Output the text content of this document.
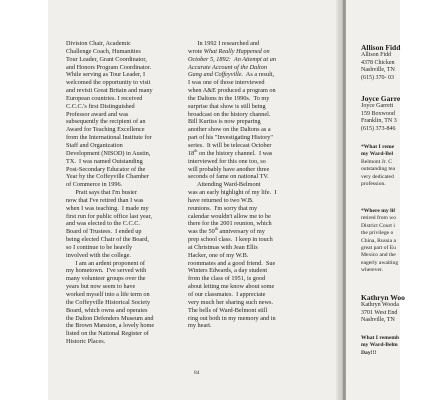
Division Chair, Academic

Challenge Coach, Humanities

Tour Leader, Grant Coordinator,

and Honors Program Coordinator.

While serving as Tour Leader, I

welcomed the opportunity to visit

and revisit Great Britain and many

European countries. I received

C.C.C.'s first Distinguished

Professor award and was

subsequently the recipient of an

Award for Teaching Excellence

from the International Institute for

Staff and Organization

Development (NISOD) in Austin,

TX.  I was named Outstanding

Post-Secondary Educator of the

Year by the Coffeyville Chamber

of Commerce in 1996.

Pratt says that I'm busier

now that I've retired than I was

when I was teaching.  I made my

first run for public office last year,

and was elected to the C.C.C.

Board of Trustees.  I ended up

being elected Chair of the Board,

so I continue to be heavily

involved with the college.

I am an ardent proponent of

my hometown.  I've served with

many volunteer groups over the

years but now seem to have

worked myself into a life term on

the Coffeyville Historical Society

Board, which owns and operates

the Dalton Defenders Museum and

the Brown Mansion, a lovely home

listed on the National Register of

Historic Places.

In 1992 I researched and

wrote What Really Happened on

October 5, 1892:  An Attempt at an

Accurate Account of the Dalton

Gang and Coffeyville.  As a result,

I was one of those interviewed

when A&E produced a program on

the Daltons in the 1990s.  To my

surprise that show is still being

broadcast on the history channel.

Bill Kurtiss is now preparing

another show on the Daltons as a

part of his "Investigating History"

series.  It will be telecast October

18th on the history channel.  I was

interviewed for this one too, so

will probably have another three

seconds of fame on national TV.

Attending Ward-Belmont

was an early highlight of my life.  I

have returned to two W.B.

reunions.  I'm sorry that my

calendar wouldn't allow me to be

there for the 2001 reunion, which

was the 50th anniversary of my

prep school class.  I keep in touch

at Christmas with Jean Ellis

Hacker, one of my W.B.

roommates and a good friend.  Sue

Winters Edwards, a day student

from the class of 1951, is good

about letting me know about some

of our classmates.  I appreciate

very much her sharing such news.

The bells of Ward-Belmont still

ring out both in my memory and in

my heart.

84

Allison Fidd

Allison Fidd

4378 Chicken

Nashville, TN

(615) 370- 03

Joyce Garre

Joyce Garrett

159 Boxwood

Franklin, TN 3

(615) 373-846

*What I reme

my Ward-Bel

Belmont Jr. C

outstanding tea

very dedicated

profession.

*Where my lif

retired from wo

District Court i

the privilege o

China, Russia a

great part of Eu

Mexico and the

eagerly awaiting

wherever.

Kathryn Woo

Kathryn Wooda

3701 West End

Nashville, TN

What I rememb

my Ward-Belm

Day!!!
